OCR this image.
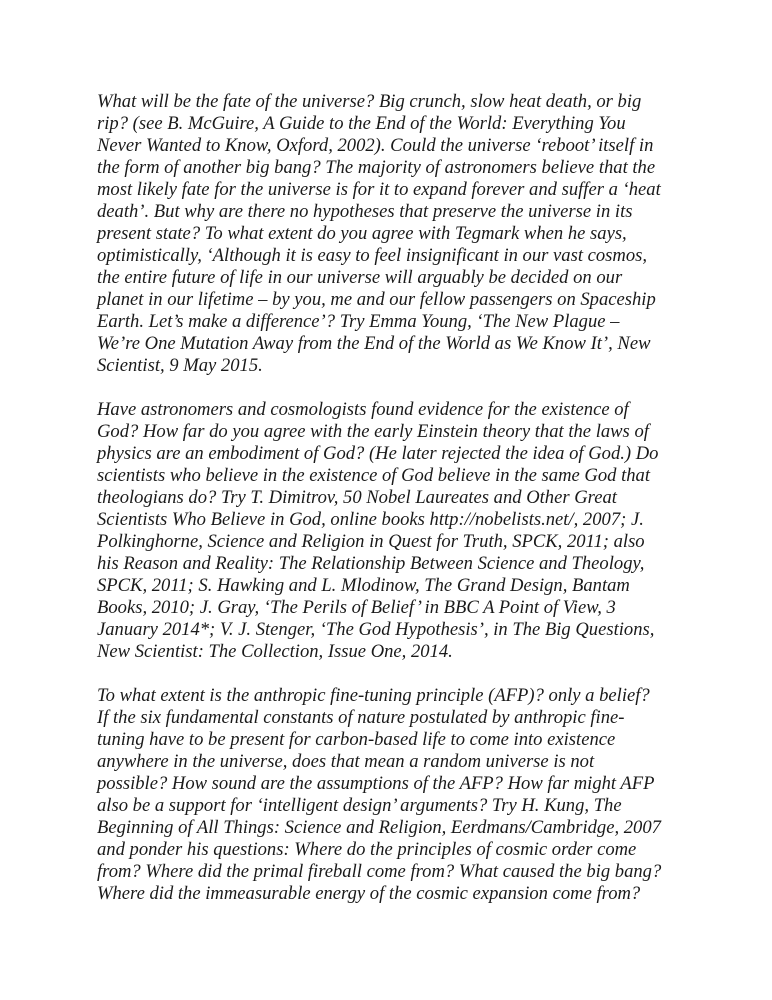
What will be the fate of the universe? Big crunch, slow heat death, or big
rip? (see B. McGuire, A Guide to the End of the World: Everything You
Never Wanted to Know, Oxford, 2002). Could the universe ‘reboot’ itself in
the form of another big bang? The majority of astronomers believe that the
most likely fate for the universe is for it to expand forever and suffer a ‘heat
death’. But why are there no hypotheses that preserve the universe in its
present state? To what extent do you agree with Tegmark when he says,
optimistically, ‘Although it is easy to feel insignificant in our vast cosmos,
the entire future of life in our universe will arguably be decided on our
planet in our lifetime – by you, me and our fellow passengers on Spaceship
Earth. Let’s make a difference’? Try Emma Young, ‘The New Plague –
We’re One Mutation Away from the End of the World as We Know It’, New
Scientist, 9 May 2015.
Have astronomers and cosmologists found evidence for the existence of
God? How far do you agree with the early Einstein theory that the laws of
physics are an embodiment of God? (He later rejected the idea of God.) Do
scientists who believe in the existence of God believe in the same God that
theologians do? Try T. Dimitrov, 50 Nobel Laureates and Other Great
Scientists Who Believe in God, online books http://nobelists.net/, 2007; J.
Polkinghorne, Science and Religion in Quest for Truth, SPCK, 2011; also
his Reason and Reality: The Relationship Between Science and Theology,
SPCK, 2011; S. Hawking and L. Mlodinow, The Grand Design, Bantam
Books, 2010; J. Gray, ‘The Perils of Belief’ in BBC A Point of View, 3
January 2014*; V. J. Stenger, ‘The God Hypothesis’, in The Big Questions,
New Scientist: The Collection, Issue One, 2014.
To what extent is the anthropic fine-tuning principle (AFP)? only a belief?
If the six fundamental constants of nature postulated by anthropic fine-
tuning have to be present for carbon-based life to come into existence
anywhere in the universe, does that mean a random universe is not
possible? How sound are the assumptions of the AFP? How far might AFP
also be a support for ‘intelligent design’ arguments? Try H. Kung, The
Beginning of All Things: Science and Religion, Eerdmans/Cambridge, 2007
and ponder his questions: Where do the principles of cosmic order come
from? Where did the primal fireball come from? What caused the big bang?
Where did the immeasurable energy of the cosmic expansion come from?
